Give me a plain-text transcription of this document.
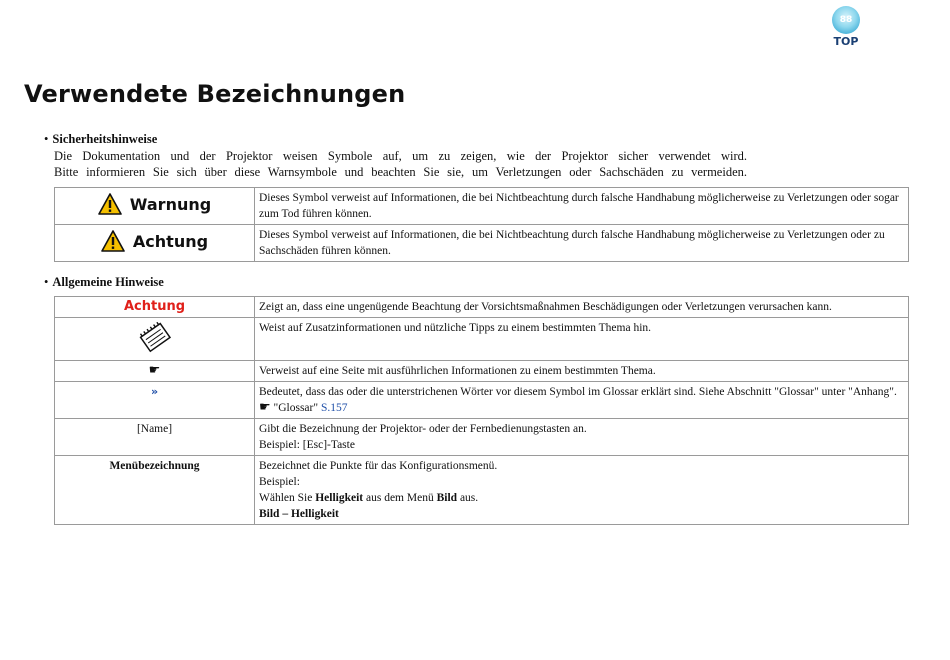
88
TOP
Verwendete Bezeichnungen
• Sicherheitshinweise

Die Dokumentation und der Projektor weisen Symbole auf, um zu zeigen, wie der Projektor sicher verwendet wird.

Bitte informieren Sie sich über diese Warnsymbole und beachten Sie sie, um Verletzungen oder Sachschäden zu vermeiden.

Warnung	Dieses Symbol verweist auf Informationen, die bei Nichtbeachtung durch falsche Handhabung möglicherweise zu Verletzungen oder sogar zum Tod führen können.

Achtung	Dieses Symbol verweist auf Informationen, die bei Nichtbeachtung durch falsche Handhabung möglicherweise zu Verletzungen oder zu Sachschäden führen können.
• Allgemeine Hinweise
Achtung	Zeigt an, dass eine ungenügende Beachtung der Vorsichtsmaßnahmen Beschädigungen oder Verletzungen verursachen kann.
	Weist auf Zusatzinformationen und nützliche Tipps zu einem bestimmten Thema hin.
☛	Verweist auf eine Seite mit ausführlichen Informationen zu einem bestimmten Thema.
»	Bedeutet, dass das oder die unterstrichenen Wörter vor diesem Symbol im Glossar erklärt sind. Siehe Abschnitt "Glossar" unter "Anhang".
☛ "Glossar" S.157

[Name]	Gibt die Bezeichnung der Projektor- oder der Fernbedienungstasten an.
Beispiel: [Esc]-Taste

Menübezeichnung	Bezeichnet die Punkte für das Konfigurationsmenü.
Beispiel:
Wählen Sie Helligkeit aus dem Menü Bild aus.
Bild – Helligkeit
